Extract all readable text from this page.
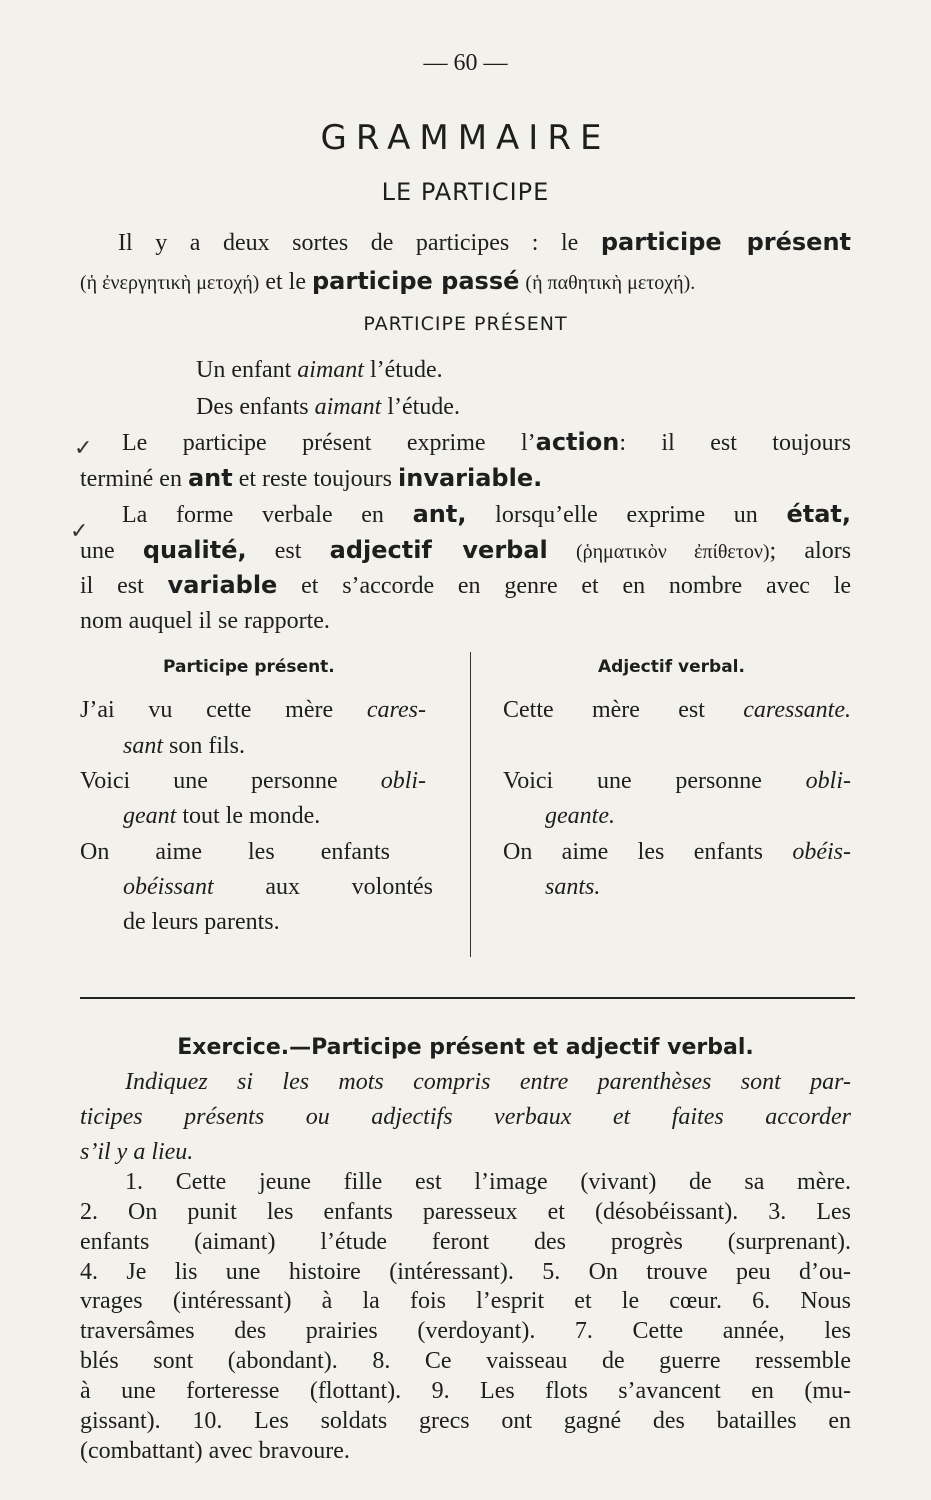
— 60 —
GRAMMAIRE
LE PARTICIPE
Il y a deux sortes de participes : le participe présent
(ἡ ἐνεργητικὴ μετοχή) et le participe passé (ἡ παθητικὴ μετοχή).
PARTICIPE PRÉSENT
Un enfant aimant l’étude.
Des enfants aimant l’étude.
✓ Le participe présent exprime l’action: il est toujours
terminé en ant et reste toujours invariable.
✓
La forme verbale en ant, lorsqu’elle exprime un état,
une qualité, est adjectif verbal (ῥηματικὸν ἐπίθετον); alors
il est variable et s’accorde en genre et en nombre avec le
nom auquel il se rapporte.
Participe présent.	Adjectif verbal.
J’ai vu cette mère cares-
sant son fils.
Voici une personne obli-
geant tout le monde.
On aime les enfants
obéissant aux volontés
de leurs parents.
Cette mère est caressante.
Voici une personne obli-
geante.
On aime les enfants obéis-
sants.
Exercice.—Participe présent et adjectif verbal.
Indiquez si les mots compris entre parenthèses sont par-
ticipes présents ou adjectifs verbaux et faites accorder
s’il y a lieu.
1. Cette jeune fille est l’image (vivant) de sa mère.
2. On punit les enfants paresseux et (désobéissant). 3. Les
enfants (aimant) l’étude feront des progrès (surprenant).
4. Je lis une histoire (intéressant). 5. On trouve peu d’ou-
vrages (intéressant) à la fois l’esprit et le cœur. 6. Nous
traversâmes des prairies (verdoyant). 7. Cette année, les
blés sont (abondant). 8. Ce vaisseau de guerre ressemble
à une forteresse (flottant). 9. Les flots s’avancent en (mu-
gissant). 10. Les soldats grecs ont gagné des batailles en
(combattant) avec bravoure.
